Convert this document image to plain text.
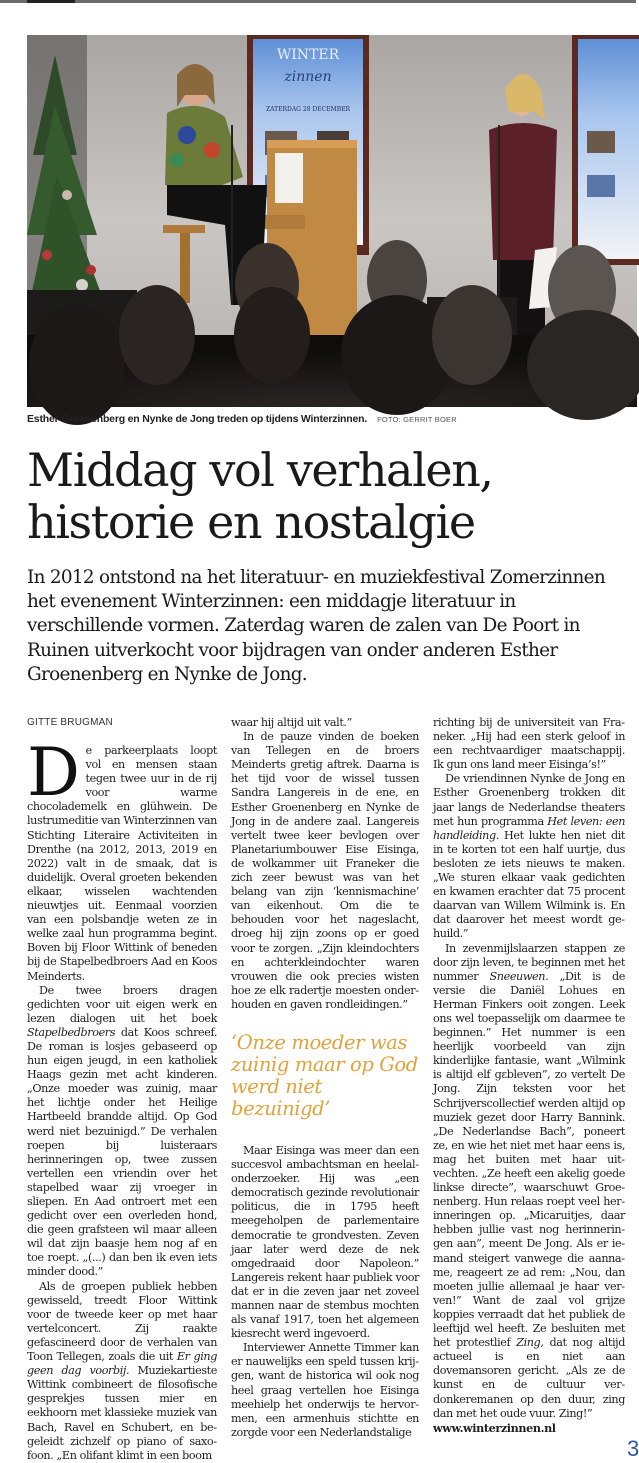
WINTER
zinnen
ZATERDAG 28 DECEMBER
Esther Groenenberg en Nynke de Jong treden op tijdens Winterzinnen. FOTO: GERRIT BOER
Middag vol verhalen,
historie en nostalgie

In 2012 ontstond na het literatuur- en muziekfestival Zomerzinnen het evenement Winterzinnen: een middagje literatuur in verschillende vormen. Zaterdag waren de zalen van De Poort in Ruinen uitverkocht voor bijdragen van onder anderen Esther Groenenberg en Nynke de Jong.

GITTE BRUGMAN

De parkeerplaats loopt vol en mensen staan tegen twee uur in de rij voor warme chocolademelk en glühwein. De lustrumeditie van Winterzinnen van Stichting Literaire Activiteiten in Drenthe (na 2012, 2013, 2019 en 2022) valt in de smaak, dat is duidelijk. Overal groeten bekenden elkaar, wisselen wachtenden nieuwtjes uit. Eenmaal voorzien van een polsbandje weten ze in welke zaal hun programma begint. Boven bij Floor Wittink of beneden bij de Stapelbedbroers Aad en Koos Meinderts.

De twee broers dragen gedichten voor uit eigen werk en lezen dialogen uit het boek Stapelbedbroers dat Koos schreef. De roman is losjes gebaseerd op hun eigen jeugd, in een katholiek Haags gezin met acht kinderen. „Onze moeder was zuinig, maar het lichtje onder het Heilige Hartbeeld brandde altijd. Op God werd niet bezuinigd.” De verhalen roepen bij luisteraars herinneringen op, twee zussen vertellen een vriendin over het stapelbed waar zij vroeger in sliepen. En Aad ontroert met een gedicht over een overleden hond, die geen grafsteen wil maar alleen wil dat zijn baasje hem nog af en toe roept. „(...) dan ben ik even iets minder dood.”

Als de groepen publiek hebben gewisseld, treedt Floor Wittink voor de tweede keer op met haar vertelconcert. Zij raakte gefascineerd door de verhalen van Toon Tellegen, zoals die uit Er ging geen dag voorbij. Muziekartieste Wittink combineert de filosofische gesprekjes tussen mier en eekhoorn met klassieke muziek van Bach, Ravel en Schubert, en begeleidt zichzelf op piano of saxofoon. „En olifant klimt in een boom

waar hij altijd uit valt.”

In de pauze vinden de boeken van Tellegen en de broers Meinderts gretig aftrek. Daarna is het tijd voor de wissel tussen Sandra Langereis in de ene, en Esther Groenenberg en Nynke de Jong in de andere zaal. Langereis vertelt twee keer bevlogen over Planetariumbouwer Eise Eisinga, de wolkammer uit Franeker die zich zeer bewust was van het belang van zijn ‘kennismachine’ van eikenhout. Om die te behouden voor het nageslacht, droeg hij zijn zoons op er goed voor te zorgen. „Zijn kleindochters en achterkleindochter waren vrouwen die ook precies wisten hoe ze elk radertje moesten onderhouden en gaven rondleidingen.”

‘Onze moeder was zuinig maar op God werd niet bezuinigd’

Maar Eisinga was meer dan een succesvol ambachtsman en heelalonderzoeker. Hij was „een democratisch gezinde revolutionair politicus, die in 1795 heeft meegeholpen de parlementaire democratie te grondvesten. Zeven jaar later werd deze de nek omgedraaid door Napoleon.” Langereis rekent haar publiek voor dat er in die zeven jaar net zoveel mannen naar de stembus mochten als vanaf 1917, toen het algemeen kiesrecht werd ingevoerd.

Interviewer Annette Timmer kan er nauwelijks een speld tussen krijgen, want de historica wil ook nog heel graag vertellen hoe Eisinga meehielp het onderwijs te hervormen, een armenhuis stichtte en zorgde voor een Nederlandstalige

richting bij de universiteit van Franeker. „Hij had een sterk geloof in een rechtvaardiger maatschappij. Ik gun ons land meer Eisinga’s!”

De vriendinnen Nynke de Jong en Esther Groenenberg trokken dit jaar langs de Nederlandse theaters met hun programma Het leven: een handleiding. Het lukte hen niet dit in te korten tot een half uurtje, dus besloten ze iets nieuws te maken. „We sturen elkaar vaak gedichten en kwamen erachter dat 75 procent daarvan van Willem Wilmink is. En dat daarover het meest wordt gehuild.”

In zevenmijlslaarzen stappen ze door zijn leven, te beginnen met het nummer Sneeuwen. „Dit is de versie die Daniël Lohues en Herman Finkers ooit zongen. Leek ons wel toepasselijk om daarmee te beginnen.” Het nummer is een heerlijk voorbeeld van zijn kinderlijke fantasie, want „Wilmink is altijd elf gεbleven”, zo vertelt De Jong. Zijn teksten voor het Schrijverscollectief werden altijd op muziek gezet door Harry Bannink. „De Nederlandse Bach”, poneert ze, en wie het niet met haar eens is, mag het buiten met haar uitvechten. „Ze heeft een akelig goede linkse directe”, waarschuwt Groenenberg. Hun relaas roept veel herinneringen op. „Micaruitjes, daar hebben jullie vast nog herinneringen aan”, meent De Jong. Als er iemand steigert vanwege die aanname, reageert ze ad rem: „Nou, dan moeten jullie allemaal je haar verven!” Want de zaal vol grijze koppies verraadt dat het publiek de leeftijd wel heeft. Ze besluiten met het protestlief Zing, dat nog altijd actueel is en niet aan dovemansoren gericht. „Als ze de kunst en de cultuur verdonkeremanen op den duur, zing dan met het oude vuur. Zing!”

www.winterzinnen.nl

3
